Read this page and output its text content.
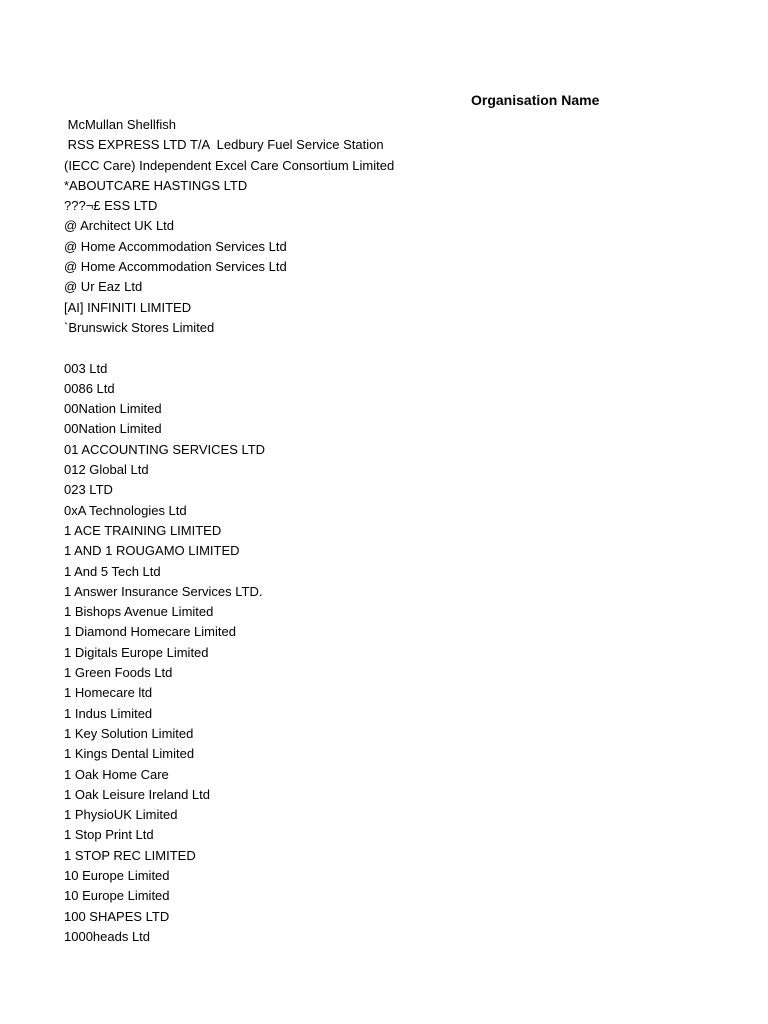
Organisation Name
McMullan Shellfish
RSS EXPRESS LTD T/A  Ledbury Fuel Service Station
(IECC Care) Independent Excel Care Consortium Limited
*ABOUTCARE HASTINGS LTD
???¬£ ESS LTD
@ Architect UK Ltd
@ Home Accommodation Services Ltd
@ Home Accommodation Services Ltd
@ Ur Eaz Ltd
[AI] INFINITI LIMITED
`Brunswick Stores Limited
003 Ltd
0086 Ltd
00Nation Limited
00Nation Limited
01 ACCOUNTING SERVICES LTD
012 Global Ltd
023 LTD
0xA Technologies Ltd
1 ACE TRAINING LIMITED
1 AND 1 ROUGAMO LIMITED
1 And 5 Tech Ltd
1 Answer Insurance Services LTD.
1 Bishops Avenue Limited
1 Diamond Homecare Limited
1 Digitals Europe Limited
1 Green Foods Ltd
1 Homecare ltd
1 Indus Limited
1 Key Solution Limited
1 Kings Dental Limited
1 Oak Home Care
1 Oak Leisure Ireland Ltd
1 PhysioUK Limited
1 Stop Print Ltd
1 STOP REC LIMITED
10 Europe Limited
10 Europe Limited
100 SHAPES LTD
1000heads Ltd
